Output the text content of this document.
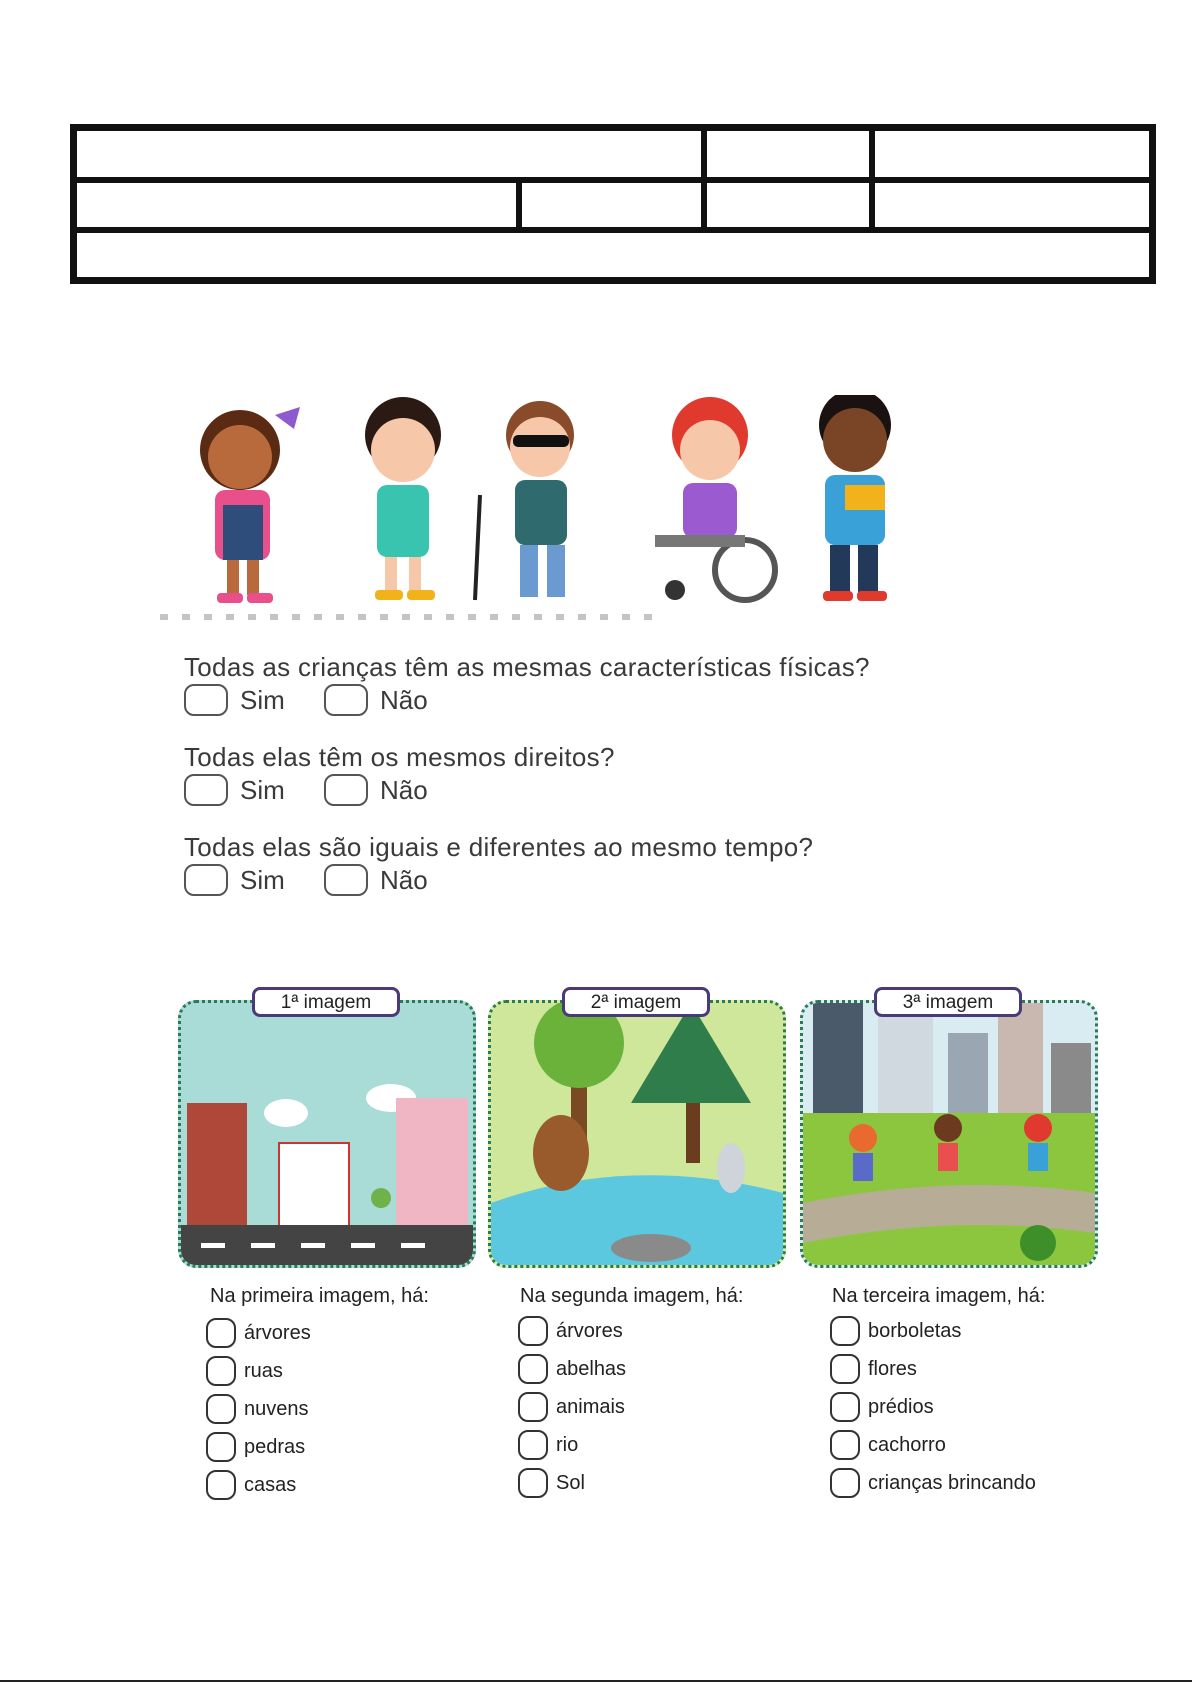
Todas as crianças têm as mesmas características físicas?
Sim	Não
Todas elas têm os mesmos direitos?
Sim	Não
Todas elas são iguais e diferentes ao mesmo tempo?
Sim	Não
1ª imagem	2ª imagem	3ª imagem
Na primeira imagem, há:	Na segunda imagem, há:	Na terceira imagem, há:
árvores
ruas
nuvens
pedras
casas
árvores
abelhas
animais
rio
Sol
borboletas
flores
prédios
cachorro
crianças brincando
